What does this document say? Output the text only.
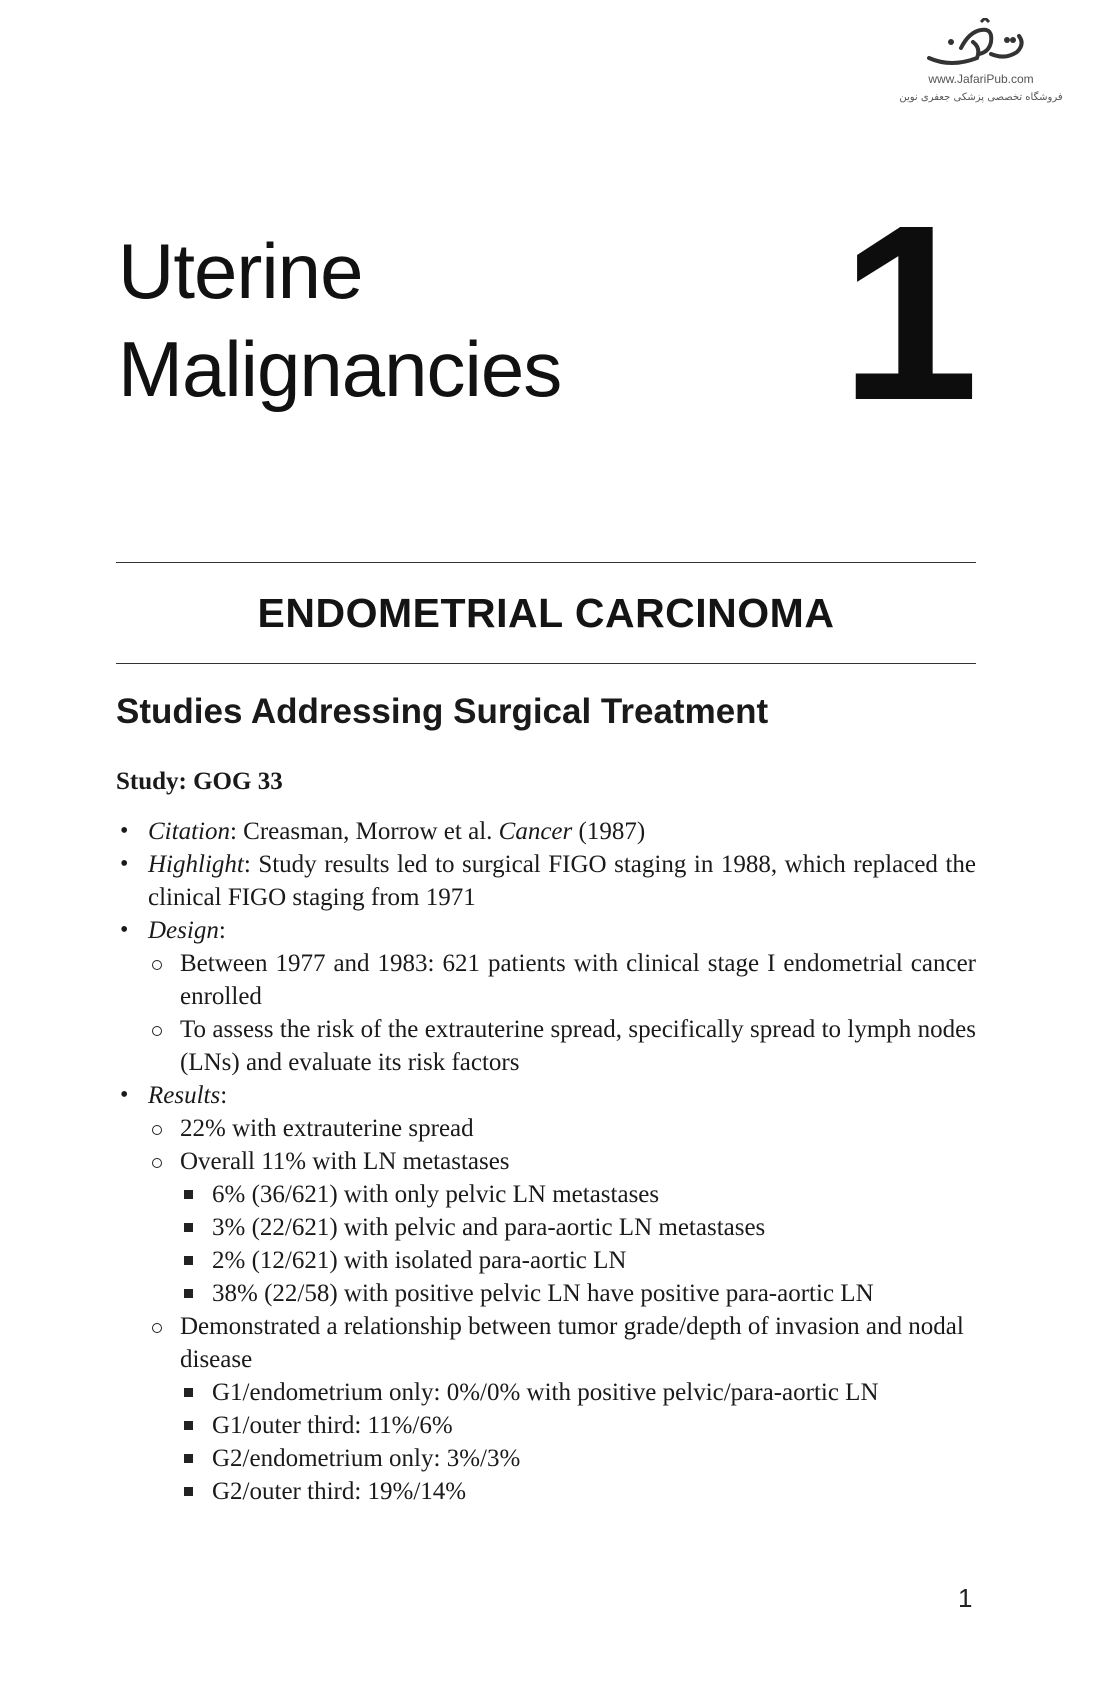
www.JafariPub.com
فروشگاه تخصصی پزشکی جعفری نوین
Uterine
Malignancies 1
ENDOMETRIAL CARCINOMA
Studies Addressing Surgical Treatment
Study: GOG 33
• Citation: Creasman, Morrow et al. Cancer (1987)
• Highlight: Study results led to surgical FIGO staging in 1988, which replaced the clinical FIGO staging from 1971
• Design:
Between 1977 and 1983: 621 patients with clinical stage I endometrial cancer enrolled
To assess the risk of the extrauterine spread, specifically spread to lymph nodes (LNs) and evaluate its risk factors
• Results:
22% with extrauterine spread
Overall 11% with LN metastases
6% (36/621) with only pelvic LN metastases
3% (22/621) with pelvic and para-aortic LN metastases
2% (12/621) with isolated para-aortic LN
38% (22/58) with positive pelvic LN have positive para-aortic LN
Demonstrated a relationship between tumor grade/depth of invasion and nodal disease
G1/endometrium only: 0%/0% with positive pelvic/para-aortic LN
G1/outer third: 11%/6%
G2/endometrium only: 3%/3%
G2/outer third: 19%/14%
1
